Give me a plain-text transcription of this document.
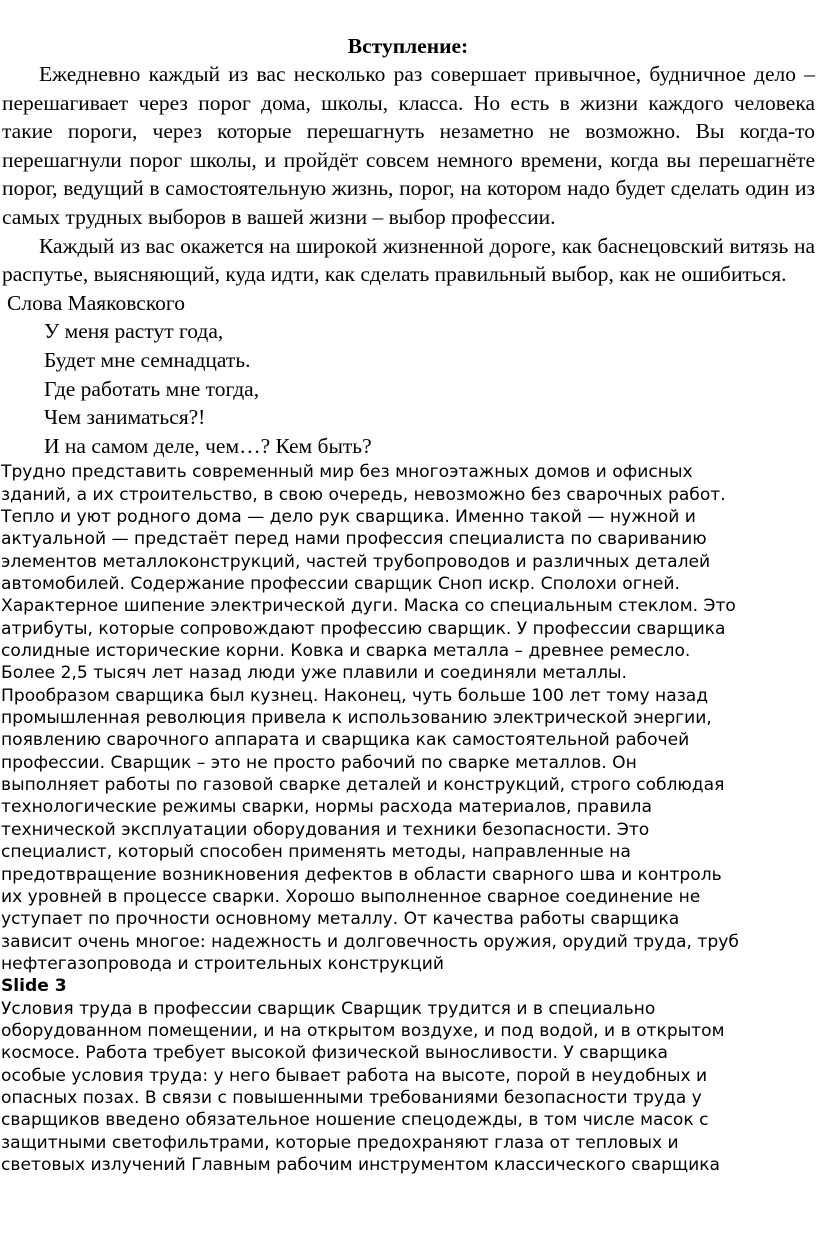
Вступление:

Ежедневно каждый из вас несколько раз совершает привычное, будничное дело – перешагивает через порог дома, школы, класса. Но есть в жизни каждого человека такие пороги, через которые перешагнуть незаметно не возможно. Вы когда-то перешагнули порог школы, и пройдёт совсем немного времени, когда вы перешагнёте порог, ведущий в самостоятельную жизнь, порог, на котором надо будет сделать один из самых трудных выборов в вашей жизни – выбор профессии.

Каждый из вас окажется на широкой жизненной дороге, как баснецовский витязь на распутье, выясняющий, куда идти, как сделать правильный выбор, как не ошибиться.

Слова Маяковского

У меня растут года,
Будет мне семнадцать.
Где работать мне тогда,
Чем заниматься?!
И на самом деле, чем…? Кем быть?
Трудно представить современный мир без многоэтажных домов и офисных
зданий, а их строительство, в свою очередь, невозможно без сварочных работ.
Тепло и уют родного дома — дело рук сварщика. Именно такой — нужной и
актуальной — предстаёт перед нами профессия специалиста по свариванию
элементов металлоконструкций, частей трубопроводов и различных деталей
автомобилей. Содержание профессии сварщик Сноп искр. Сполохи огней.
Характерное шипение электрической дуги. Маска со специальным стеклом. Это
атрибуты, которые сопровождают профессию сварщик. У профессии сварщика
солидные исторические корни. Ковка и сварка металла – древнее ремесло.
Более 2,5 тысяч лет назад люди уже плавили и соединяли металлы.
Прообразом сварщика был кузнец. Наконец, чуть больше 100 лет тому назад
промышленная революция привела к использованию электрической энергии,
появлению сварочного аппарата и сварщика как самостоятельной рабочей
профессии. Сварщик – это не просто рабочий по сварке металлов. Он
выполняет работы по газовой сварке деталей и конструкций, строго соблюдая
технологические режимы сварки, нормы расхода материалов, правила
технической эксплуатации оборудования и техники безопасности. Это
специалист, который способен применять методы, направленные на
предотвращение возникновения дефектов в области сварного шва и контроль
их уровней в процессе сварки. Хорошо выполненное сварное соединение не
уступает по прочности основному металлу. От качества работы сварщика
зависит очень многое: надежность и долговечность оружия, орудий труда, труб
нефтегазопровода и строительных конструкций
Slide 3
Условия труда в профессии сварщик Сварщик трудится и в специально
оборудованном помещении, и на открытом воздухе, и под водой, и в открытом
космосе. Работа требует высокой физической выносливости. У сварщика
особые условия труда: у него бывает работа на высоте, порой в неудобных и
опасных позах. В связи с повышенными требованиями безопасности труда у
сварщиков введено обязательное ношение спецодежды, в том числе масок с
защитными светофильтрами, которые предохраняют глаза от тепловых и
световых излучений Главным рабочим инструментом классического сварщика
